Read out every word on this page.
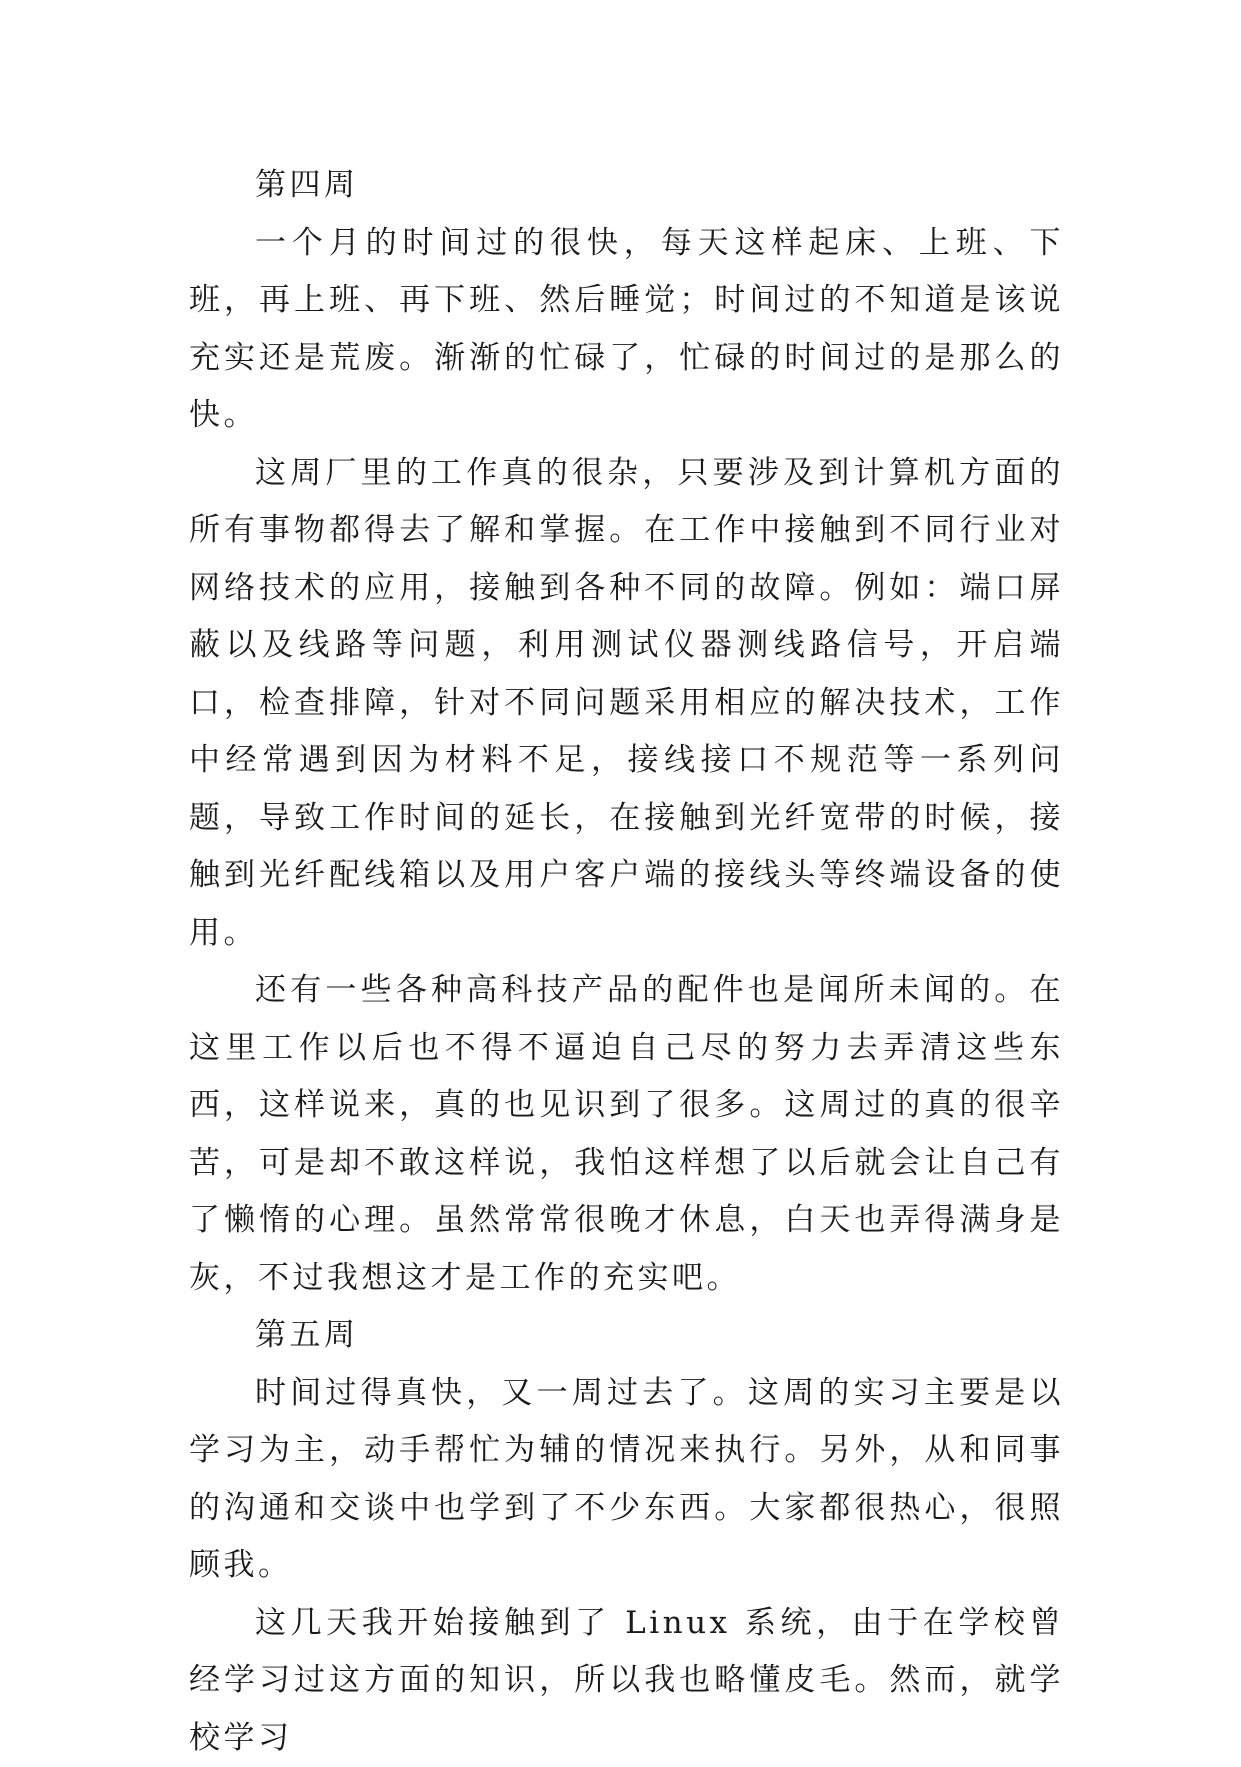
第四周

一个月的时间过的很快，每天这样起床、上班、下班，再上班、再下班、然后睡觉；时间过的不知道是该说充实还是荒废。渐渐的忙碌了，忙碌的时间过的是那么的快。

这周厂里的工作真的很杂，只要涉及到计算机方面的所有事物都得去了解和掌握。在工作中接触到不同行业对网络技术的应用，接触到各种不同的故障。例如：端口屏蔽以及线路等问题，利用测试仪器测线路信号，开启端口，检查排障，针对不同问题采用相应的解决技术，工作中经常遇到因为材料不足，接线接口不规范等一系列问题，导致工作时间的延长，在接触到光纤宽带的时候，接触到光纤配线箱以及用户客户端的接线头等终端设备的使用。

还有一些各种高科技产品的配件也是闻所未闻的。在这里工作以后也不得不逼迫自己尽的努力去弄清这些东西，这样说来，真的也见识到了很多。这周过的真的很辛苦，可是却不敢这样说，我怕这样想了以后就会让自己有了懒惰的心理。虽然常常很晚才休息，白天也弄得满身是灰，不过我想这才是工作的充实吧。

第五周

时间过得真快，又一周过去了。这周的实习主要是以学习为主，动手帮忙为辅的情况来执行。另外，从和同事的沟通和交谈中也学到了不少东西。大家都很热心，很照顾我。

这几天我开始接触到了 Linux 系统，由于在学校曾经学习过这方面的知识，所以我也略懂皮毛。然而，就学校学习
